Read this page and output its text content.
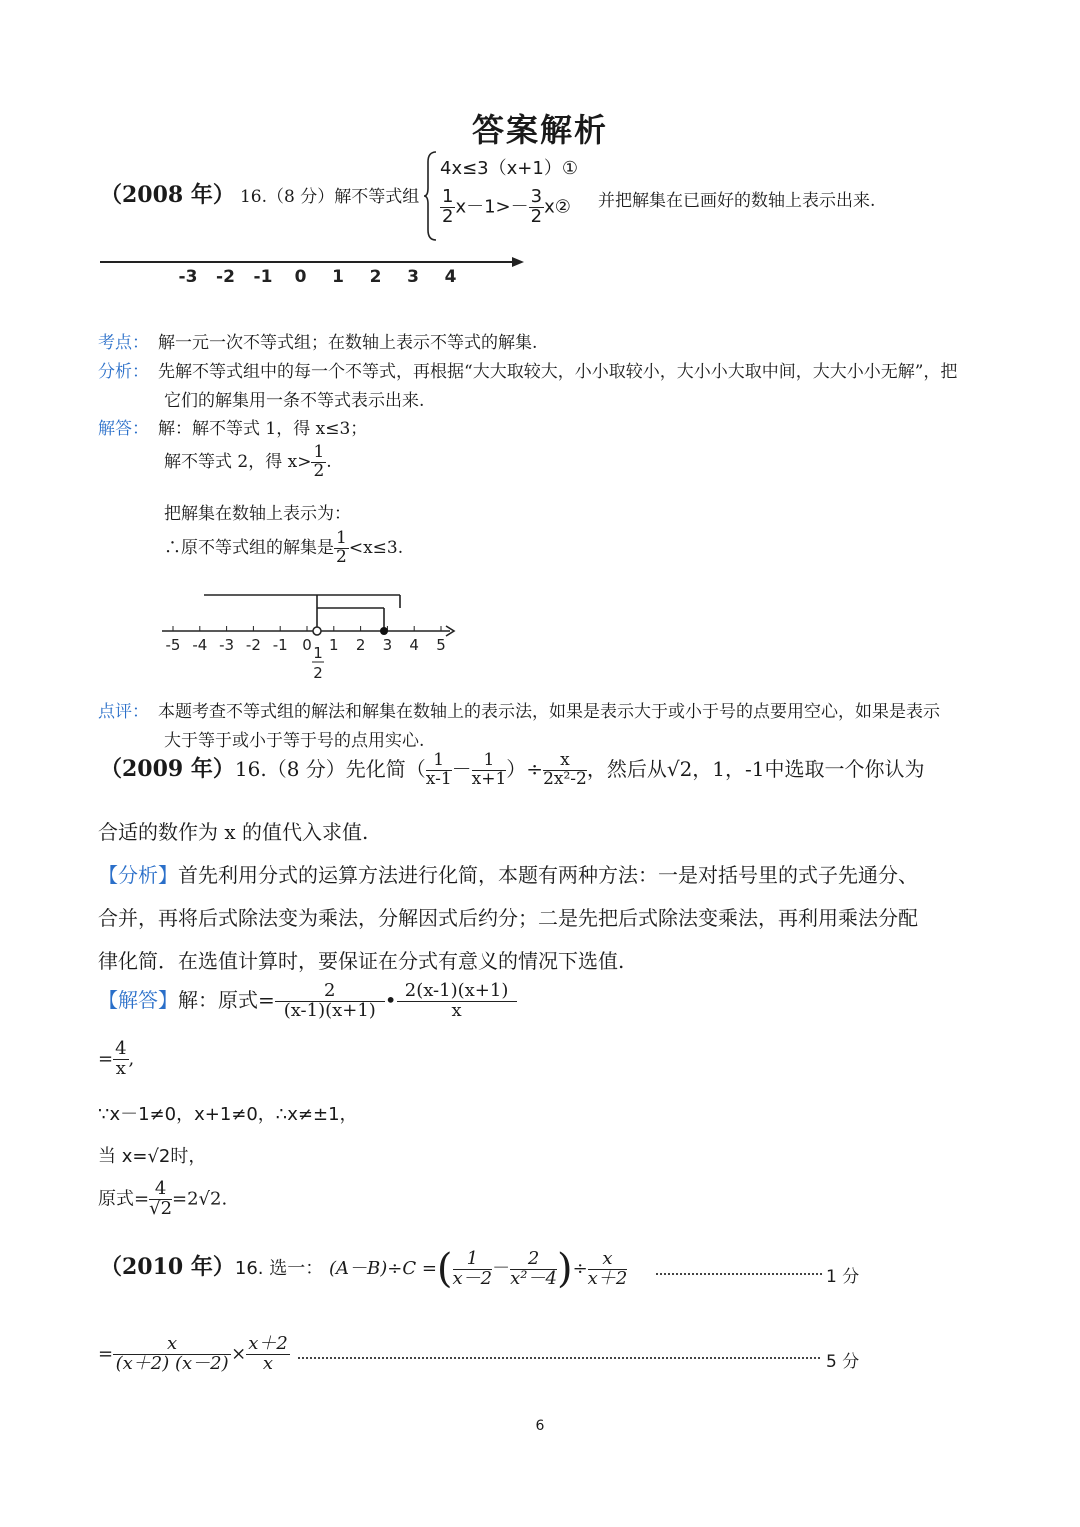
答案解析
（2008 年） 16.（8 分）解不等式组
4x≤3（x+1）①
$\frac{1}{2} x-1>- \frac{3}{2}$ x② 并把解集在已画好的数轴上表示出来.
-3 -2 -1 0 1 2 3 4
考点： 解一元一次不等式组；在数轴上表示不等式的解集.
分析： 先解不等式组中的每一个不等式，再根据“大大取较大，小小取较小，大小小大取中间，大大小小无解”，把
它们的解集用一条不等式表示出来.
解答： 解：解不等式 1，得 x≤3；
解不等式 2，得 $x> \frac{1}{2}$ .
把解集在数轴上表示为：
∴原不等式组的解集是 $\frac{1}{2} <x\le 3$.
-5 -4 -3 -2 -1 0 1 2 3 4 5
1
2
点评： 本题考查不等式组的解法和解集在数轴上的表示法，如果是表示大于或小于号的点要用空心，如果是表示
大于等于或小于等于号的点用实心.
（2009 年）16.（8 分）先化简（ $\frac{1}{x-1} - \frac{1}{x+1}$ ）÷ $\frac{x}{\text{2x²-2}}$ ，然后从√2，1，-1中选取一个你认为
合适的数作为 x 的值代入求值.
【分析】首先利用分式的运算方法进行化简，本题有两种方法：一是对括号里的式子先通分、
合并，再将后式除法变为乘法，分解因式后约分；二是先把后式除法变乘法，再利用乘法分配
律化简．在选值计算时，要保证在分式有意义的情况下选值.
【解答】解：原式= $\frac{2}{(x-1)(x+1)}$ • $\frac{2(x-1)(x+1)}{x}$
= $\frac{4}{x}$ ,
∵x－1≠0，x+1≠0，∴x≠±1，
当 x=√2时，
原式= $\frac{4}{√2} =2√2$.
（2010 年）16. 选一： (A－B)÷C =( $\frac{1}{x-2} - \frac{2}{\text{x²－4}}$ )÷ $\frac{x}{x+2}$	1 分
= $\frac{x}{(x+2) (x-2)} \times \frac{x+2}{x}$	5 分
6
